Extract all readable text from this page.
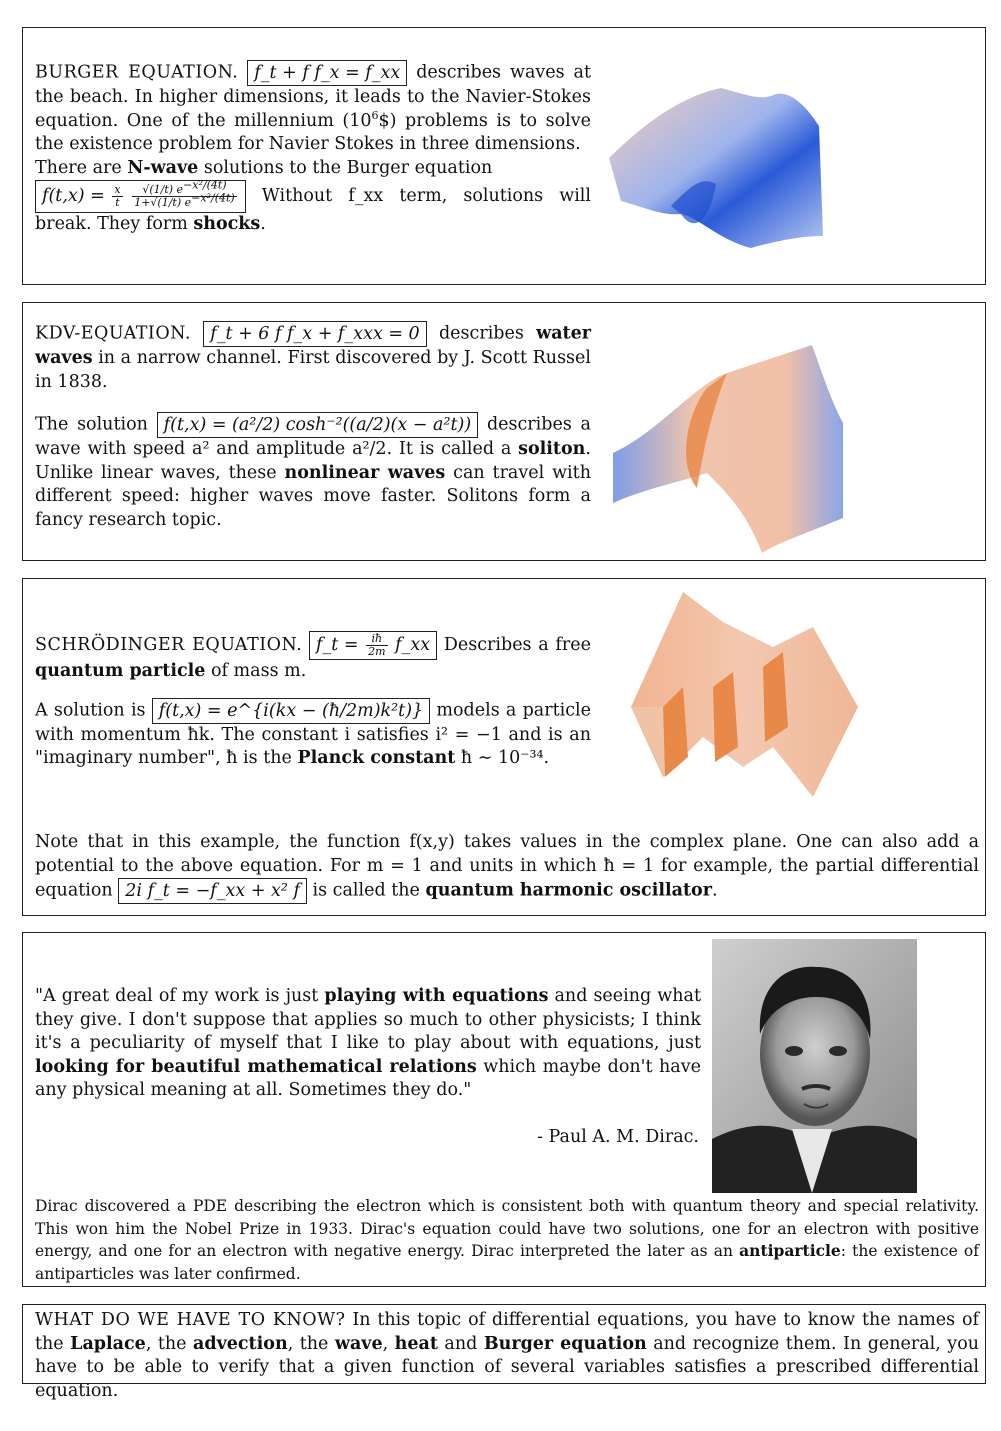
BURGER EQUATION. f_t + f f_x = f_xx describes waves at the beach. In higher dimensions, it leads to the Navier-Stokes equation. One of the millennium $(10^6\$)$ problems is to solve the existence problem for Navier Stokes in three dimensions.
There are N-wave solutions to the Burger equation
$f(t,x) = \frac{x}{t}$
$\frac{√(1/t) e^{-x^2/(4t)}}{1+√(1/t) e^{-x^2/(4t)}}$ Without f_xx term, solutions will break. They form shocks.
KDV-EQUATION. f_t + 6 f f_x + f_xxx = 0 describes water waves in a narrow channel. First discovered by J. Scott Russel in 1838.
The solution f(t,x) = (a²/2) cosh⁻²((a/2)(x − a²t)) describes a wave with speed a² and amplitude a²/2. It is called a soliton. Unlike linear waves, these nonlinear waves can travel with different speed: higher waves move faster. Solitons form a fancy research topic.
SCHRÖDINGER EQUATION. f_t = $\frac{iħ}{2m}$ f_xx Describes a free quantum particle of mass m.
A solution is f(t,x) = e^{i(kx − (ħ/2m)k²t)} models a particle with momentum ħk. The constant i satisfies i² = −1 and is an "imaginary number", ħ is the Planck constant ħ ∼ 10⁻³⁴.
Note that in this example, the function f(x,y) takes values in the complex plane. One can also add a potential to the above equation. For m = 1 and units in which ħ = 1 for example, the partial differential equation 2i f_t = −f_xx + x² f is called the quantum harmonic oscillator.
"A great deal of my work is just playing with equations and seeing what they give. I don't suppose that applies so much to other physicists; I think it's a peculiarity of myself that I like to play about with equations, just looking for beautiful mathematical relations which maybe don't have any physical meaning at all. Sometimes they do."
- Paul A. M. Dirac.
Dirac discovered a PDE describing the electron which is consistent both with quantum theory and special relativity. This won him the Nobel Prize in 1933. Dirac's equation could have two solutions, one for an electron with positive energy, and one for an electron with negative energy. Dirac interpreted the later as an antiparticle: the existence of antiparticles was later confirmed.
WHAT DO WE HAVE TO KNOW? In this topic of differential equations, you have to know the names of the Laplace, the advection, the wave, heat and Burger equation and recognize them. In general, you have to be able to verify that a given function of several variables satisfies a prescribed differential equation.
